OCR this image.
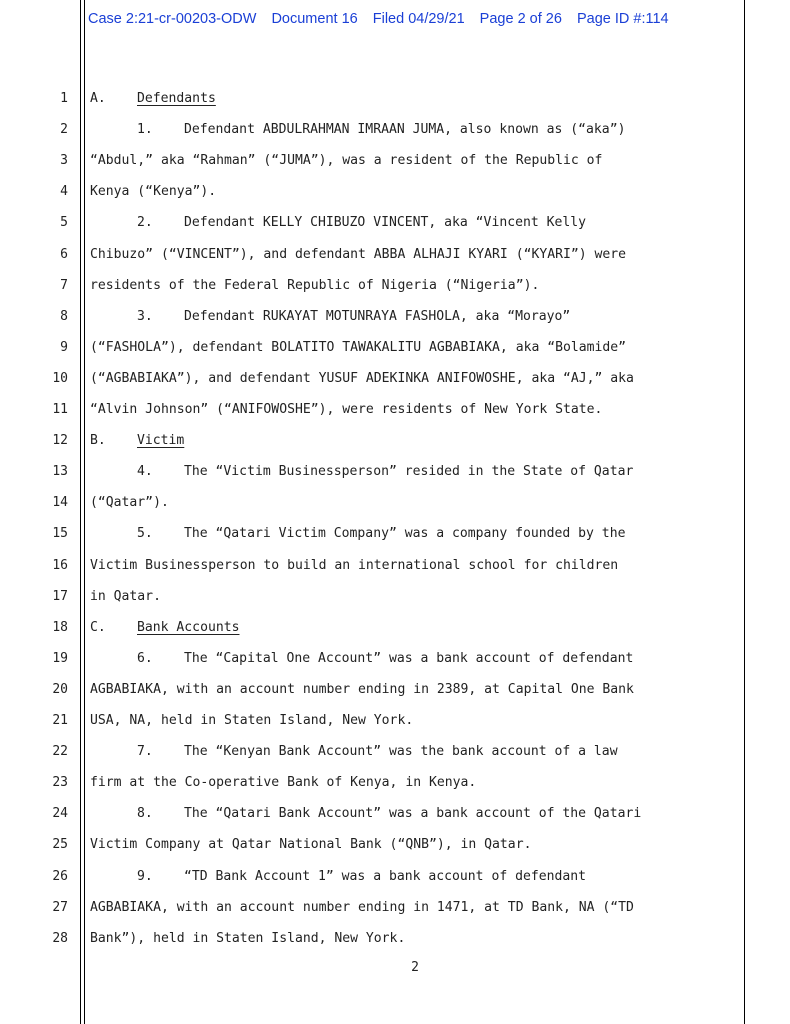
Case 2:21-cr-00203-ODW Document 16 Filed 04/29/21 Page 2 of 26 Page ID #:114
1 A. Defendants
2	1. Defendant ABDULRAHMAN IMRAAN JUMA, also known as (“aka”)
3 “Abdul,” aka “Rahman” (“JUMA”), was a resident of the Republic of
4 Kenya (“Kenya”).
5	2. Defendant KELLY CHIBUZO VINCENT, aka “Vincent Kelly
6 Chibuzo” (“VINCENT”), and defendant ABBA ALHAJI KYARI (“KYARI”) were
7 residents of the Federal Republic of Nigeria (“Nigeria”).
8	3. Defendant RUKAYAT MOTUNRAYA FASHOLA, aka “Morayo”
9 (“FASHOLA”), defendant BOLATITO TAWAKALITU AGBABIAKA, aka “Bolamide”
10 (“AGBABIAKA”), and defendant YUSUF ADEKINKA ANIFOWOSHE, aka “AJ,” aka
11 “Alvin Johnson” (“ANIFOWOSHE”), were residents of New York State.
12 B. Victim
13	4. The “Victim Businessperson” resided in the State of Qatar
14 (“Qatar”).
15	5. The “Qatari Victim Company” was a company founded by the
16 Victim Businessperson to build an international school for children
17 in Qatar.
18 C. Bank Accounts
19	6. The “Capital One Account” was a bank account of defendant
20 AGBABIAKA, with an account number ending in 2389, at Capital One Bank
21 USA, NA, held in Staten Island, New York.
22	7. The “Kenyan Bank Account” was the bank account of a law
23 firm at the Co-operative Bank of Kenya, in Kenya.
24	8. The “Qatari Bank Account” was a bank account of the Qatari
25 Victim Company at Qatar National Bank (“QNB”), in Qatar.
26	9. “TD Bank Account 1” was a bank account of defendant
27 AGBABIAKA, with an account number ending in 1471, at TD Bank, NA (“TD
28 Bank”), held in Staten Island, New York.
2
